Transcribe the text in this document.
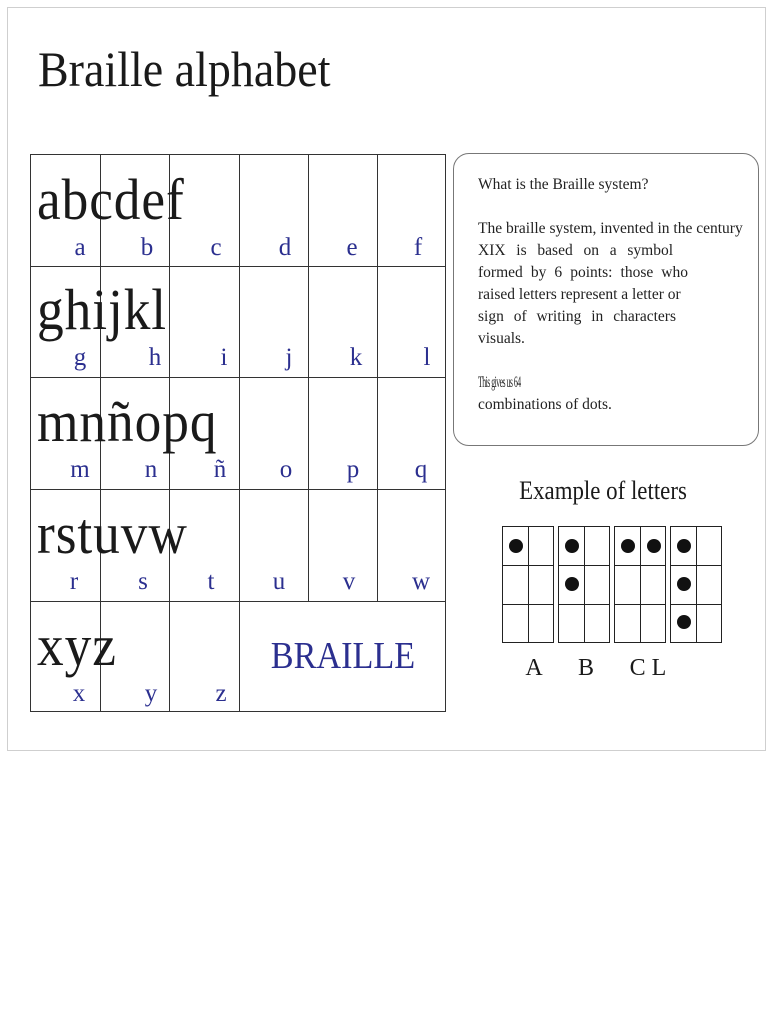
Braille alphabet
abcdef
ghijkl
mnñopq
rstuvw
xyz
a	b	c	d	e	f
g	h	i	j	k	l
m	n	ñ	o	p	q
r	s	t	u	v	w
x	y	z
BRAILLE

What is the Braille system?

The braille system, invented in the century

XIX is based on a symbol

formed by 6 points: those who

raised letters represent a letter or

sign of writing in characters

visuals.

This gives us 64

combinations of dots.

Example of letters
A	B	C L
